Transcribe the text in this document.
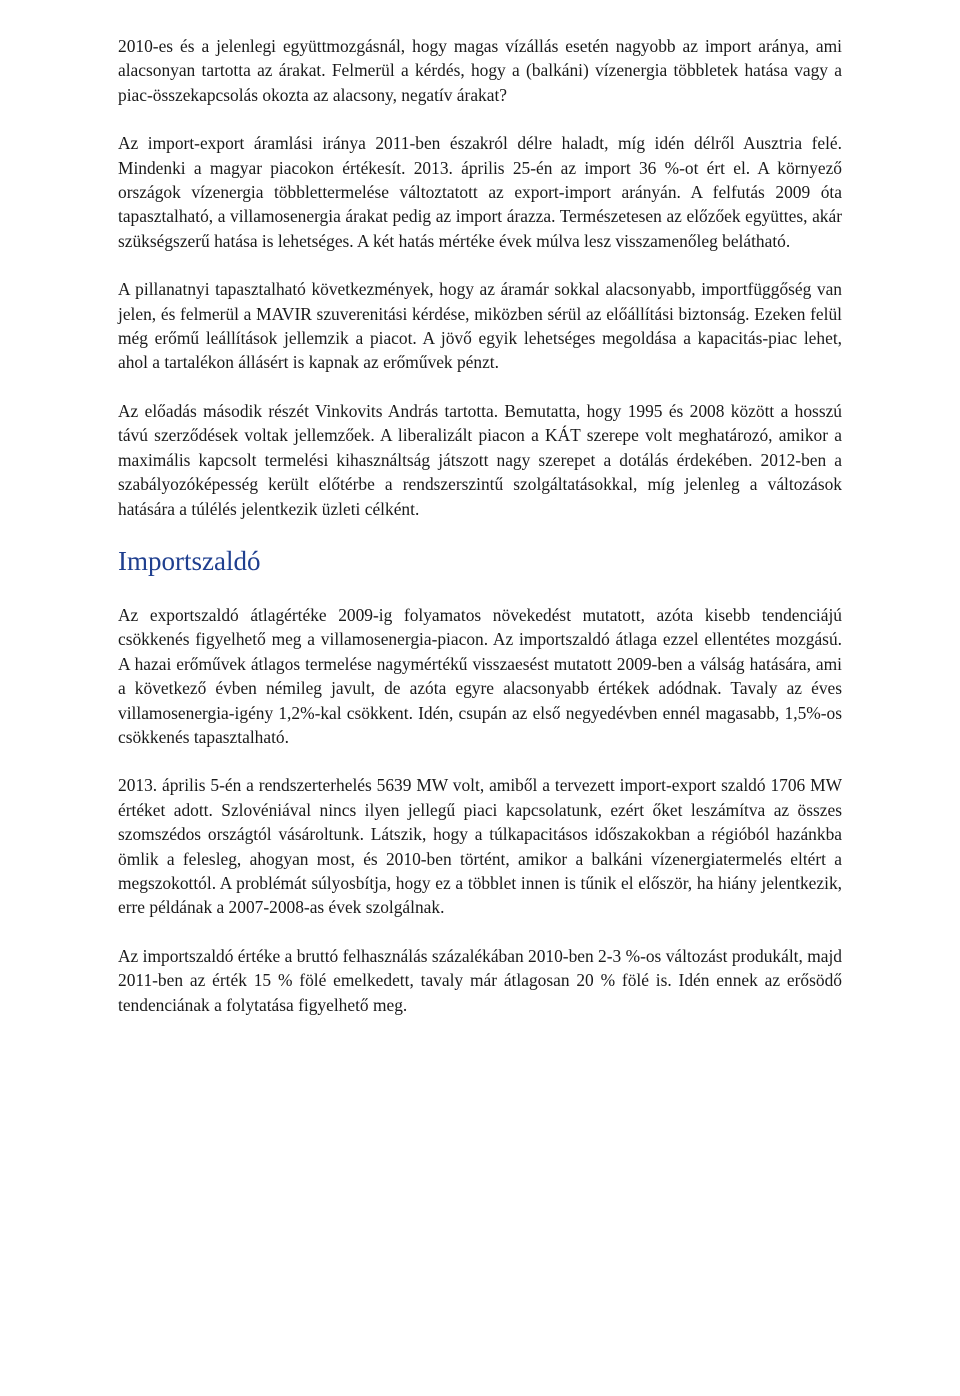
2010-es és a jelenlegi együttmozgásnál, hogy magas vízállás esetén nagyobb az import aránya, ami alacsonyan tartotta az árakat. Felmerül a kérdés, hogy a (balkáni) vízenergia többletek hatása vagy a piac-összekapcsolás okozta az alacsony, negatív árakat?

Az import-export áramlási iránya 2011-ben északról délre haladt, míg idén délről Ausztria felé. Mindenki a magyar piacokon értékesít. 2013. április 25-én az import 36 %-ot ért el. A környező országok vízenergia többlettermelése változtatott az export-import arányán. A felfutás 2009 óta tapasztalható, a villamosenergia árakat pedig az import árazza. Természetesen az előzőek együttes, akár szükségszerű hatása is lehetséges. A két hatás mértéke évek múlva lesz visszamenőleg belátható.

A pillanatnyi tapasztalható következmények, hogy az áramár sokkal alacsonyabb, importfüggőség van jelen, és felmerül a MAVIR szuverenitási kérdése, miközben sérül az előállítási biztonság. Ezeken felül még erőmű leállítások jellemzik a piacot. A jövő egyik lehetséges megoldása a kapacitás-piac lehet, ahol a tartalékon állásért is kapnak az erőművek pénzt.

Az előadás második részét Vinkovits András tartotta. Bemutatta, hogy 1995 és 2008 között a hosszú távú szerződések voltak jellemzőek. A liberalizált piacon a KÁT szerepe volt meghatározó, amikor a maximális kapcsolt termelési kihasználtság játszott nagy szerepet a dotálás érdekében. 2012-ben a szabályozóképesség került előtérbe a rendszerszintű szolgáltatásokkal, míg jelenleg a változások hatására a túlélés jelentkezik üzleti célként.

Importszaldó

Az exportszaldó átlagértéke 2009-ig folyamatos növekedést mutatott, azóta kisebb tendenciájú csökkenés figyelhető meg a villamosenergia-piacon. Az importszaldó átlaga ezzel ellentétes mozgású. A hazai erőművek átlagos termelése nagymértékű visszaesést mutatott 2009-ben a válság hatására, ami a következő évben némileg javult, de azóta egyre alacsonyabb értékek adódnak. Tavaly az éves villamosenergia-igény 1,2%-kal csökkent. Idén, csupán az első negyedévben ennél magasabb, 1,5%-os csökkenés tapasztalható.

2013. április 5-én a rendszerterhelés 5639 MW volt, amiből a tervezett import-export szaldó 1706 MW értéket adott. Szlovéniával nincs ilyen jellegű piaci kapcsolatunk, ezért őket leszámítva az összes szomszédos országtól vásároltunk. Látszik, hogy a túlkapacitásos időszakokban a régióból hazánkba ömlik a felesleg, ahogyan most, és 2010-ben történt, amikor a balkáni vízenergiatermelés eltért a megszokottól. A problémát súlyosbítja, hogy ez a többlet innen is tűnik el először, ha hiány jelentkezik, erre példának a 2007-2008-as évek szolgálnak.

Az importszaldó értéke a bruttó felhasználás százalékában 2010-ben 2-3 %-os változást produkált, majd 2011-ben az érték 15 % fölé emelkedett, tavaly már átlagosan 20 % fölé is. Idén ennek az erősödő tendenciának a folytatása figyelhető meg.
